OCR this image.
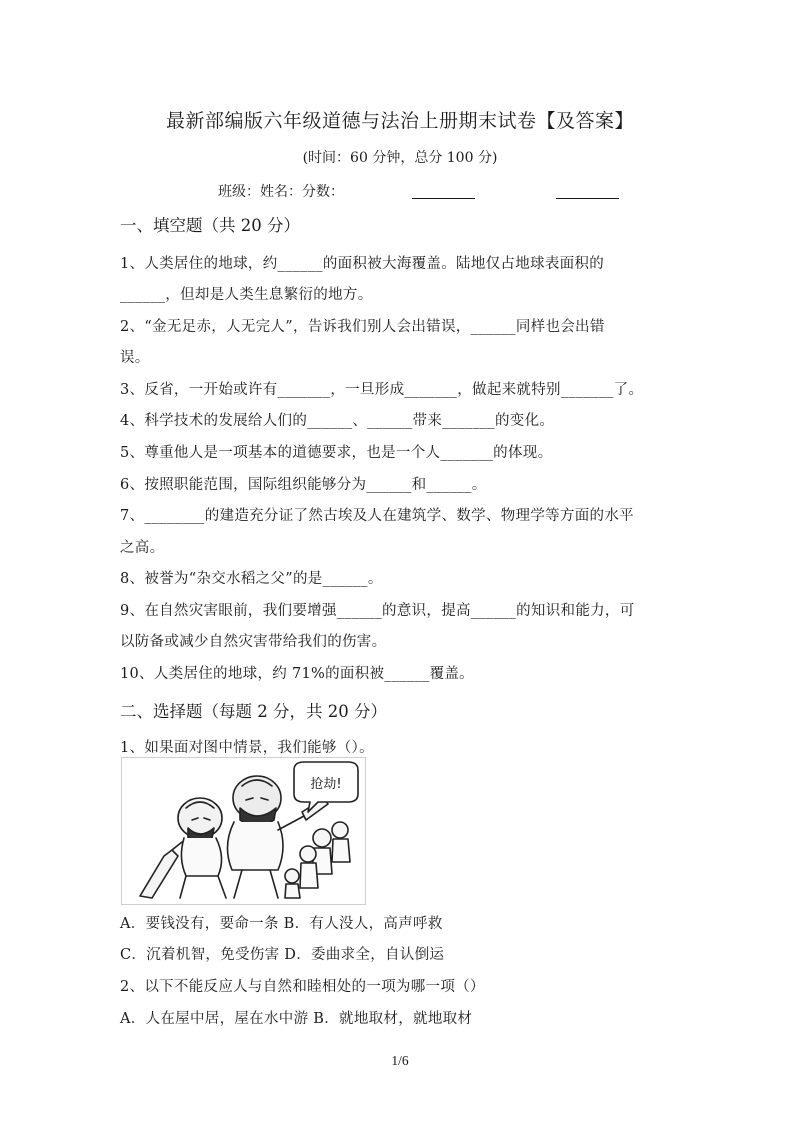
最新部编版六年级道德与法治上册期末试卷【及答案】
(时间：60 分钟，总分 100 分)
班级：姓名：分数：
一、填空题（共 20 分）
1、人类居住的地球，约______的面积被大海覆盖。陆地仅占地球表面积的
______，但却是人类生息繁衍的地方。
2、“金无足赤，人无完人”，告诉我们别人会出错误，______同样也会出错
误。
3、反省，一开始或许有_______，一旦形成_______，做起来就特别_______了。
4、科学技术的发展给人们的______、______带来_______的变化。
5、尊重他人是一项基本的道德要求，也是一个人_______的体现。
6、按照职能范围，国际组织能够分为______和______。
7、________的建造充分证了然古埃及人在建筑学、数学、物理学等方面的水平
之高。
8、被誉为“杂交水稻之父”的是______。
9、在自然灾害眼前，我们要增强______的意识，提高______的知识和能力，可
以防备或减少自然灾害带给我们的伤害。
10、人类居住的地球，约 71%的面积被______覆盖。
二、选择题（每题 2 分，共 20 分）
1、如果面对图中情景，我们能够（）。
抢劫!
A．要钱没有，要命一条 B．有人没人，高声呼救
C．沉着机智，免受伤害 D．委曲求全，自认倒运
2、以下不能反应人与自然和睦相处的一项为哪一项（）
A．人在屋中居，屋在水中游 B．就地取材，就地取材
1/6
